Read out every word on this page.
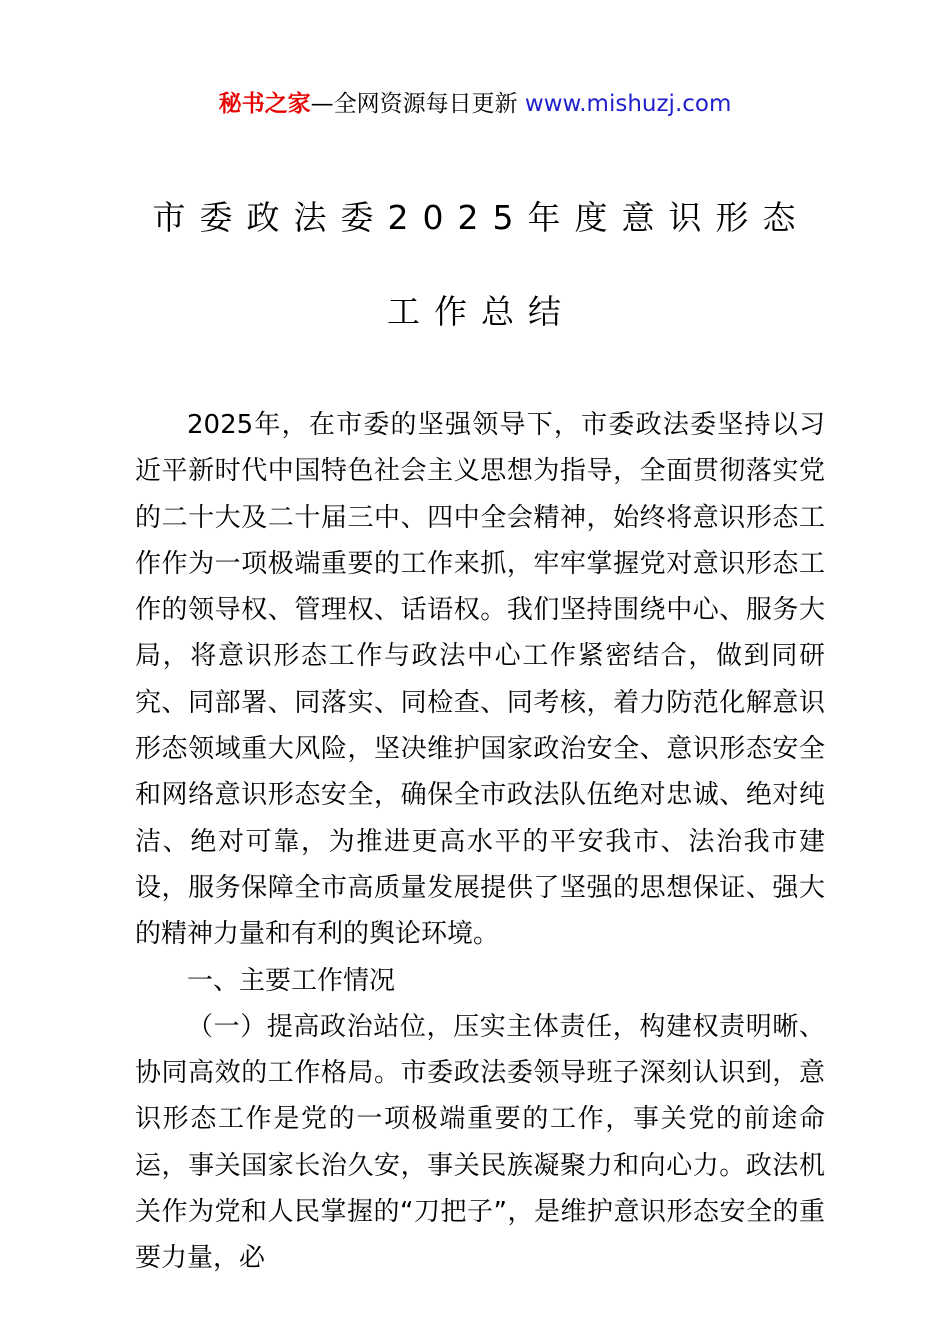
秘书之家—全网资源每日更新 www.mishuzj.com
市委政法委2025年度意识形态
工作总结

2025年，在市委的坚强领导下，市委政法委坚持以习近平新时代中国特色社会主义思想为指导，全面贯彻落实党的二十大及二十届三中、四中全会精神，始终将意识形态工作作为一项极端重要的工作来抓，牢牢掌握党对意识形态工作的领导权、管理权、话语权。我们坚持围绕中心、服务大局，将意识形态工作与政法中心工作紧密结合，做到同研究、同部署、同落实、同检查、同考核，着力防范化解意识形态领域重大风险，坚决维护国家政治安全、意识形态安全和网络意识形态安全，确保全市政法队伍绝对忠诚、绝对纯洁、绝对可靠，为推进更高水平的平安我市、法治我市建设，服务保障全市高质量发展提供了坚强的思想保证、强大的精神力量和有利的舆论环境。

一、主要工作情况

（一）提高政治站位，压实主体责任，构建权责明晰、协同高效的工作格局。市委政法委领导班子深刻认识到，意识形态工作是党的一项极端重要的工作，事关党的前途命运，事关国家长治久安，事关民族凝聚力和向心力。政法机关作为党和人民掌握的“刀把子”，是维护意识形态安全的重要力量，必
